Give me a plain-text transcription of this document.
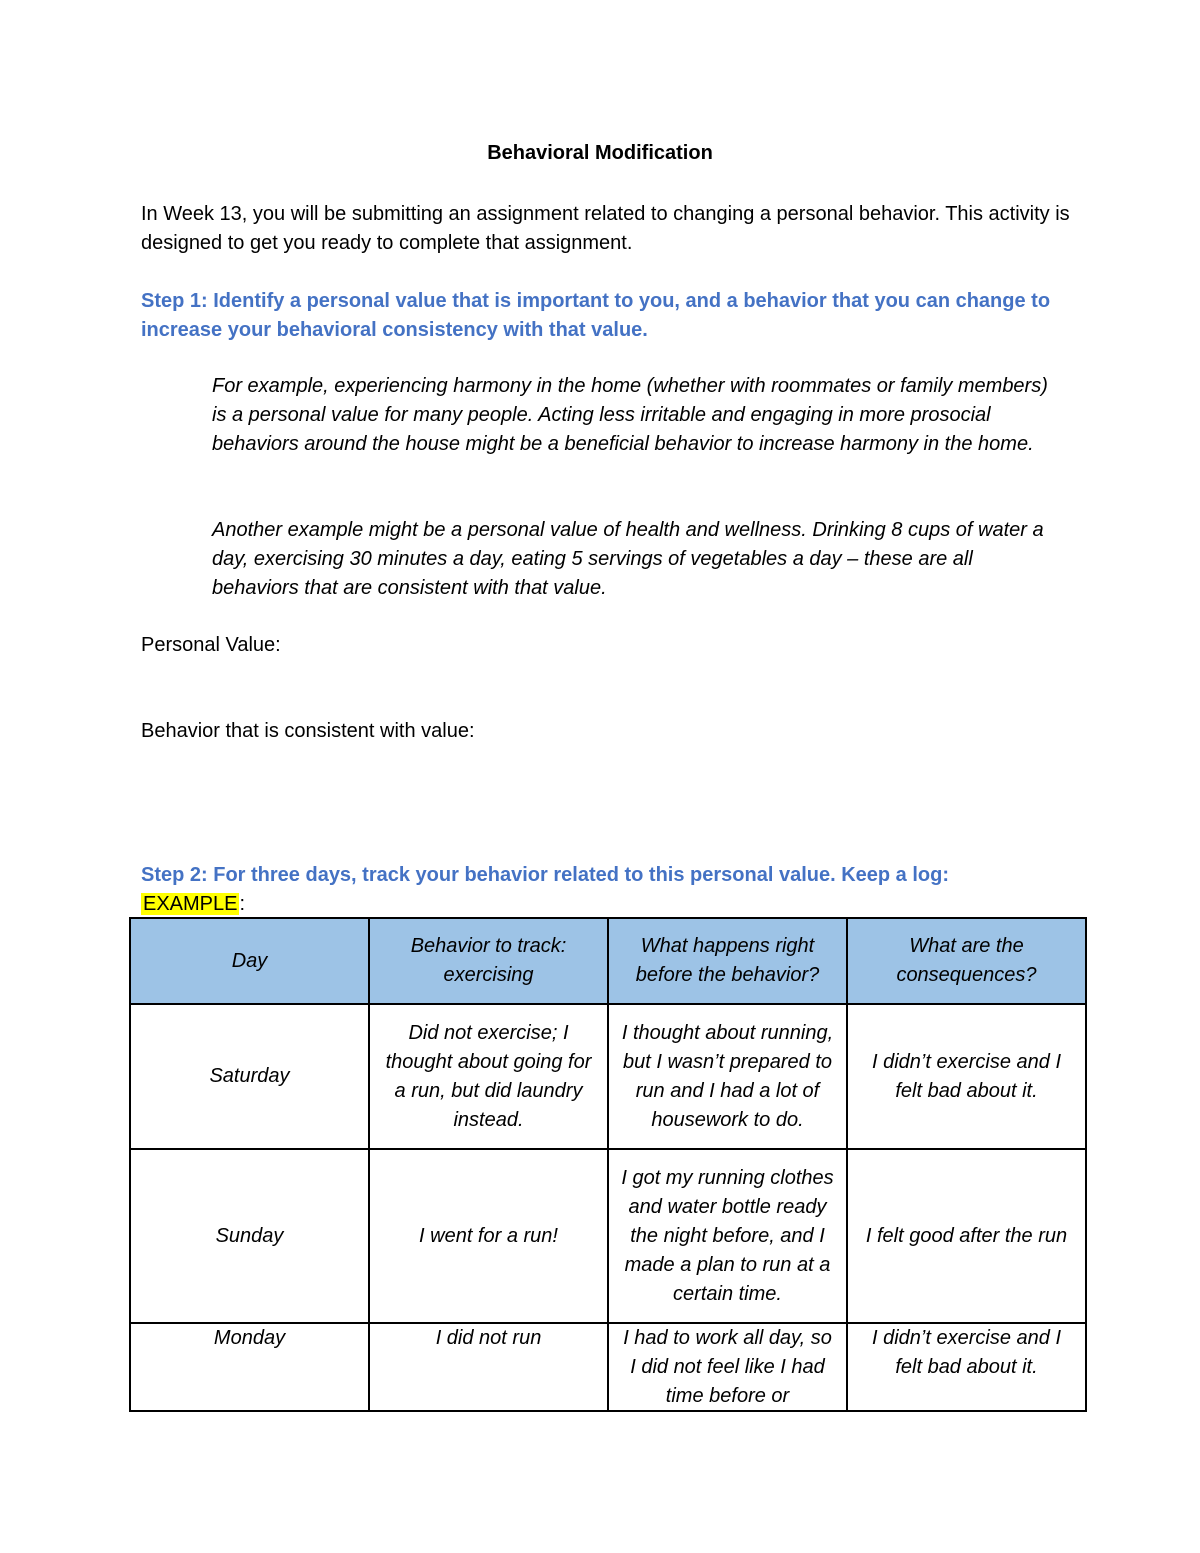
Behavioral Modification
In Week 13, you will be submitting an assignment related to changing a personal behavior. This activity is designed to get you ready to complete that assignment.
Step 1: Identify a personal value that is important to you, and a behavior that you can change to increase your behavioral consistency with that value.
For example, experiencing harmony in the home (whether with roommates or family members) is a personal value for many people. Acting less irritable and engaging in more prosocial behaviors around the house might be a beneficial behavior to increase harmony in the home.
Another example might be a personal value of health and wellness. Drinking 8 cups of water a day, exercising 30 minutes a day, eating 5 servings of vegetables a day – these are all behaviors that are consistent with that value.
Personal Value:
Behavior that is consistent with value:
Step 2: For three days, track your behavior related to this personal value. Keep a log:
EXAMPLE :
Day	Behavior to track: exercising	What happens right before the behavior?	What are the consequences?
Saturday	Did not exercise; I thought about going for a run, but did laundry instead.	I thought about running, but I wasn’t prepared to run and I had a lot of housework to do.	I didn’t exercise and I felt bad about it.
Sunday	I went for a run!	I got my running clothes and water bottle ready the night before, and I made a plan to run at a certain time.	I felt good after the run

Monday	I did not run	I had to work all day, so I did not feel like I had time before or	I didn’t exercise and I felt bad about it.
